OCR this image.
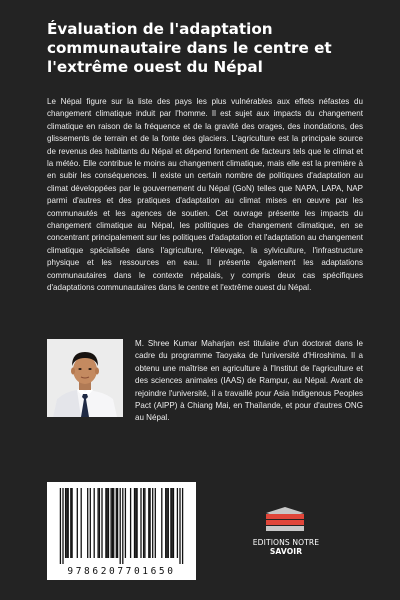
Évaluation de l'adaptation communautaire dans le centre et l'extrême ouest du Népal

Le Népal figure sur la liste des pays les plus vulnérables aux effets néfastes du changement climatique induit par l'homme. Il est sujet aux impacts du changement climatique en raison de la fréquence et de la gravité des orages, des inondations, des glissements de terrain et de la fonte des glaciers. L'agriculture est la principale source de revenus des habitants du Népal et dépend fortement de facteurs tels que le climat et la météo. Elle contribue le moins au changement climatique, mais elle est la première à en subir les conséquences. Il existe un certain nombre de politiques d'adaptation au climat développées par le gouvernement du Népal (GoN) telles que NAPA, LAPA, NAP parmi d'autres et des pratiques d'adaptation au climat mises en œuvre par les communautés et les agences de soutien. Cet ouvrage présente les impacts du changement climatique au Népal, les politiques de changement climatique, en se concentrant principalement sur les politiques d'adaptation et l'adaptation au changement climatique spécialisée dans l'agriculture, l'élevage, la sylviculture, l'infrastructure physique et les ressources en eau. Il présente également les adaptations communautaires dans le contexte népalais, y compris deux cas spécifiques d'adaptations communautaires dans le centre et l'extrême ouest du Népal.

M. Shree Kumar Maharjan est titulaire d'un doctorat dans le cadre du programme Taoyaka de l'université d'Hiroshima. Il a obtenu une maîtrise en agriculture à l'Institut de l'agriculture et des sciences animales (IAAS) de Rampur, au Népal. Avant de rejoindre l'université, il a travaillé pour Asia Indigenous Peoples Pact (AIPP) à Chiang Mai, en Thaïlande, et pour d'autres ONG au Népal.

9786207701650
EDITIONS NOTRE SAVOIR
